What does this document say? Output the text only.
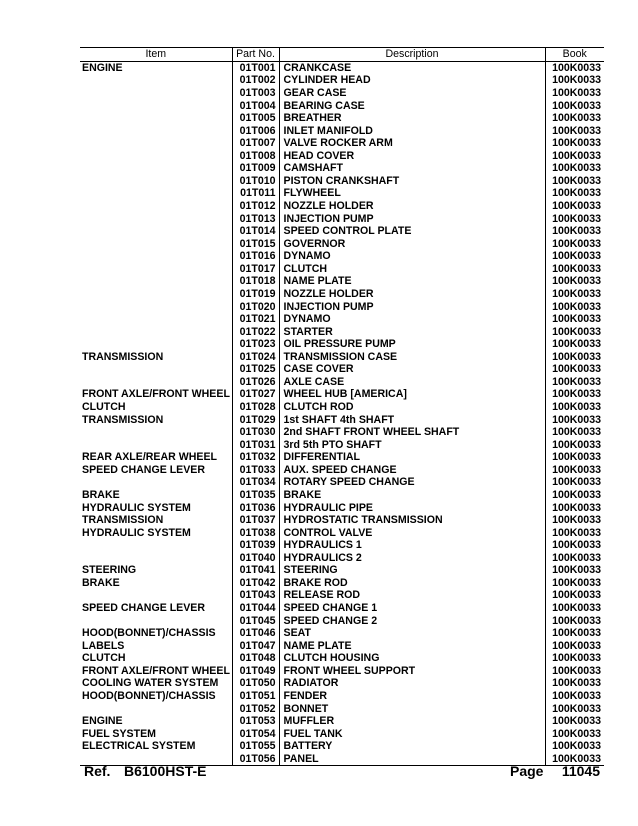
Item	Part No.	Description	Book
ENGINE	01T001	CRANKCASE	100K0033
	01T002	CYLINDER HEAD	100K0033
	01T003	GEAR CASE	100K0033
	01T004	BEARING CASE	100K0033
	01T005	BREATHER	100K0033
	01T006	INLET MANIFOLD	100K0033
	01T007	VALVE ROCKER ARM	100K0033
	01T008	HEAD COVER	100K0033
	01T009	CAMSHAFT	100K0033
	01T010	PISTON CRANKSHAFT	100K0033
	01T011	FLYWHEEL	100K0033
	01T012	NOZZLE HOLDER	100K0033
	01T013	INJECTION PUMP	100K0033
	01T014	SPEED CONTROL PLATE	100K0033
	01T015	GOVERNOR	100K0033
	01T016	DYNAMO	100K0033
	01T017	CLUTCH	100K0033
	01T018	NAME PLATE	100K0033
	01T019	NOZZLE HOLDER	100K0033
	01T020	INJECTION PUMP	100K0033
	01T021	DYNAMO	100K0033
	01T022	STARTER	100K0033
	01T023	OIL PRESSURE PUMP	100K0033
TRANSMISSION	01T024	TRANSMISSION CASE	100K0033
	01T025	CASE COVER	100K0033
	01T026	AXLE CASE	100K0033
FRONT AXLE/FRONT WHEEL	01T027	WHEEL HUB [AMERICA]	100K0033
CLUTCH	01T028	CLUTCH ROD	100K0033
TRANSMISSION	01T029	1st SHAFT 4th SHAFT	100K0033
	01T030	2nd SHAFT FRONT WHEEL SHAFT	100K0033
	01T031	3rd 5th PTO SHAFT	100K0033
REAR AXLE/REAR WHEEL	01T032	DIFFERENTIAL	100K0033
SPEED CHANGE LEVER	01T033	AUX. SPEED CHANGE	100K0033
	01T034	ROTARY SPEED CHANGE	100K0033
BRAKE	01T035	BRAKE	100K0033
HYDRAULIC SYSTEM	01T036	HYDRAULIC PIPE	100K0033
TRANSMISSION	01T037	HYDROSTATIC TRANSMISSION	100K0033
HYDRAULIC SYSTEM	01T038	CONTROL VALVE	100K0033
	01T039	HYDRAULICS 1	100K0033
	01T040	HYDRAULICS 2	100K0033
STEERING	01T041	STEERING	100K0033
BRAKE	01T042	BRAKE ROD	100K0033
	01T043	RELEASE ROD	100K0033
SPEED CHANGE LEVER	01T044	SPEED CHANGE 1	100K0033
	01T045	SPEED CHANGE 2	100K0033
HOOD(BONNET)/CHASSIS	01T046	SEAT	100K0033
LABELS	01T047	NAME PLATE	100K0033
CLUTCH	01T048	CLUTCH HOUSING	100K0033
FRONT AXLE/FRONT WHEEL	01T049	FRONT WHEEL SUPPORT	100K0033
COOLING WATER SYSTEM	01T050	RADIATOR	100K0033
HOOD(BONNET)/CHASSIS	01T051	FENDER	100K0033
	01T052	BONNET	100K0033
ENGINE	01T053	MUFFLER	100K0033
FUEL SYSTEM	01T054	FUEL TANK	100K0033
ELECTRICAL SYSTEM	01T055	BATTERY	100K0033
	01T056	PANEL	100K0033
Ref. B6100HST-E	Page 11045
